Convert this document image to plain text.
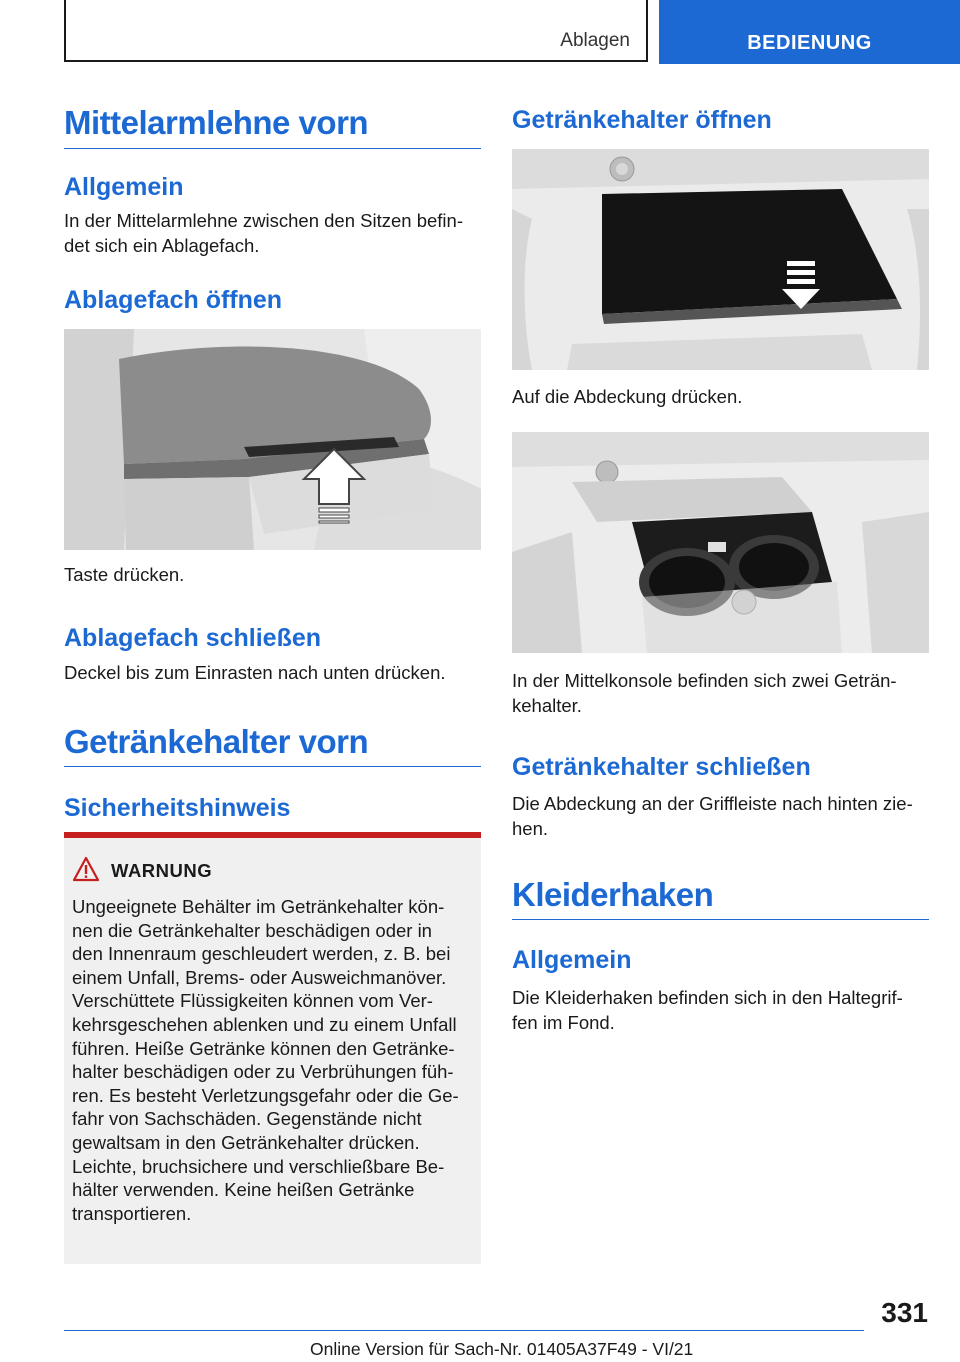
Ablagen	BEDIENUNG
Mittelarmlehne vorn
Allgemein
In der Mittelarmlehne zwischen den Sitzen befin-
det sich ein Ablagefach.
Ablagefach öffnen
Taste drücken.
Ablagefach schließen
Deckel bis zum Einrasten nach unten drücken.
Getränkehalter vorn
Sicherheitshinweis
WARNUNG
Ungeeignete Behälter im Getränkehalter kön-
nen die Getränkehalter beschädigen oder in
den Innenraum geschleudert werden, z. B. bei
einem Unfall, Brems- oder Ausweichmanöver.
Verschüttete Flüssigkeiten können vom Ver-
kehrsgeschehen ablenken und zu einem Unfall
führen. Heiße Getränke können den Getränke-
halter beschädigen oder zu Verbrühungen füh-
ren. Es besteht Verletzungsgefahr oder die Ge-
fahr von Sachschäden. Gegenstände nicht
gewaltsam in den Getränkehalter drücken.
Leichte, bruchsichere und verschließbare Be-
hälter verwenden. Keine heißen Getränke
transportieren.
Getränkehalter öffnen
Auf die Abdeckung drücken.
In der Mittelkonsole befinden sich zwei Geträn-
kehalter.
Getränkehalter schließen
Die Abdeckung an der Griffleiste nach hinten zie-
hen.
Kleiderhaken
Allgemein
Die Kleiderhaken befinden sich in den Haltegrif-
fen im Fond.
331
Online Version für Sach-Nr. 01405A37F49 - VI/21
